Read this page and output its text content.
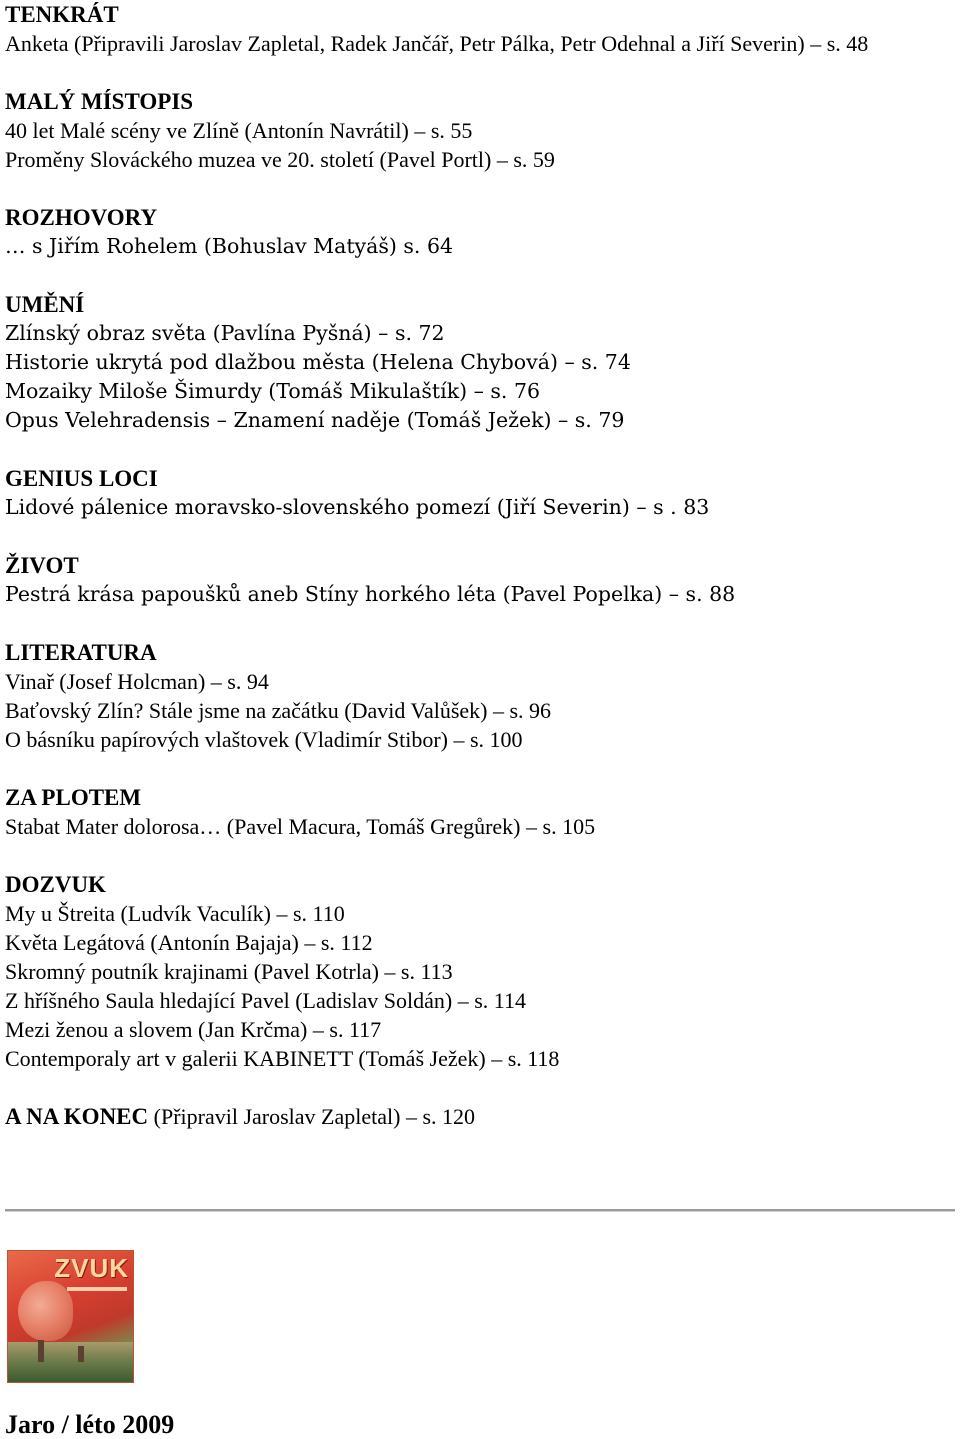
TENKRÁT
Anketa (Připravili Jaroslav Zapletal, Radek Jančář, Petr Pálka, Petr Odehnal a Jiří Severin) – s. 48
MALÝ MÍSTOPIS
40 let Malé scény ve Zlíně (Antonín Navrátil) – s. 55
Proměny Slováckého muzea ve 20. století (Pavel Portl) – s. 59
ROZHOVORY
… s Jiřím Rohelem (Bohuslav Matyáš) s. 64
UMĚNÍ
Zlínský obraz světa (Pavlína Pyšná) – s. 72
Historie ukrytá pod dlažbou města (Helena Chybová) – s. 74
Mozaiky Miloše Šimurdy (Tomáš Mikulaštík) – s. 76
Opus Velehradensis – Znamení naděje (Tomáš Ježek) – s. 79
GENIUS LOCI
Lidové pálenice moravsko-slovenského pomezí (Jiří Severin) – s . 83
ŽIVOT
Pestrá krása papoušků aneb Stíny horkého léta (Pavel Popelka) – s. 88
LITERATURA
Vinař (Josef Holcman) – s. 94
Baťovský Zlín? Stále jsme na začátku (David Valůšek) – s. 96
O básníku papírových vlaštovek (Vladimír Stibor) – s. 100
ZA PLOTEM
Stabat Mater dolorosa… (Pavel Macura, Tomáš Gregůrek) – s. 105
DOZVUK
My u Štreita (Ludvík Vaculík) – s. 110
Květa Legátová (Antonín Bajaja) – s. 112
Skromný poutník krajinami (Pavel Kotrla) – s. 113
Z hříšného Saula hledající Pavel (Ladislav Soldán) – s. 114
Mezi ženou a slovem (Jan Krčma) – s. 117
Contemporaly art v galerii KABINETT (Tomáš Ježek) – s. 118
A NA KONEC (Připravil Jaroslav Zapletal) – s. 120
ZVUK
Jaro / léto 2009
